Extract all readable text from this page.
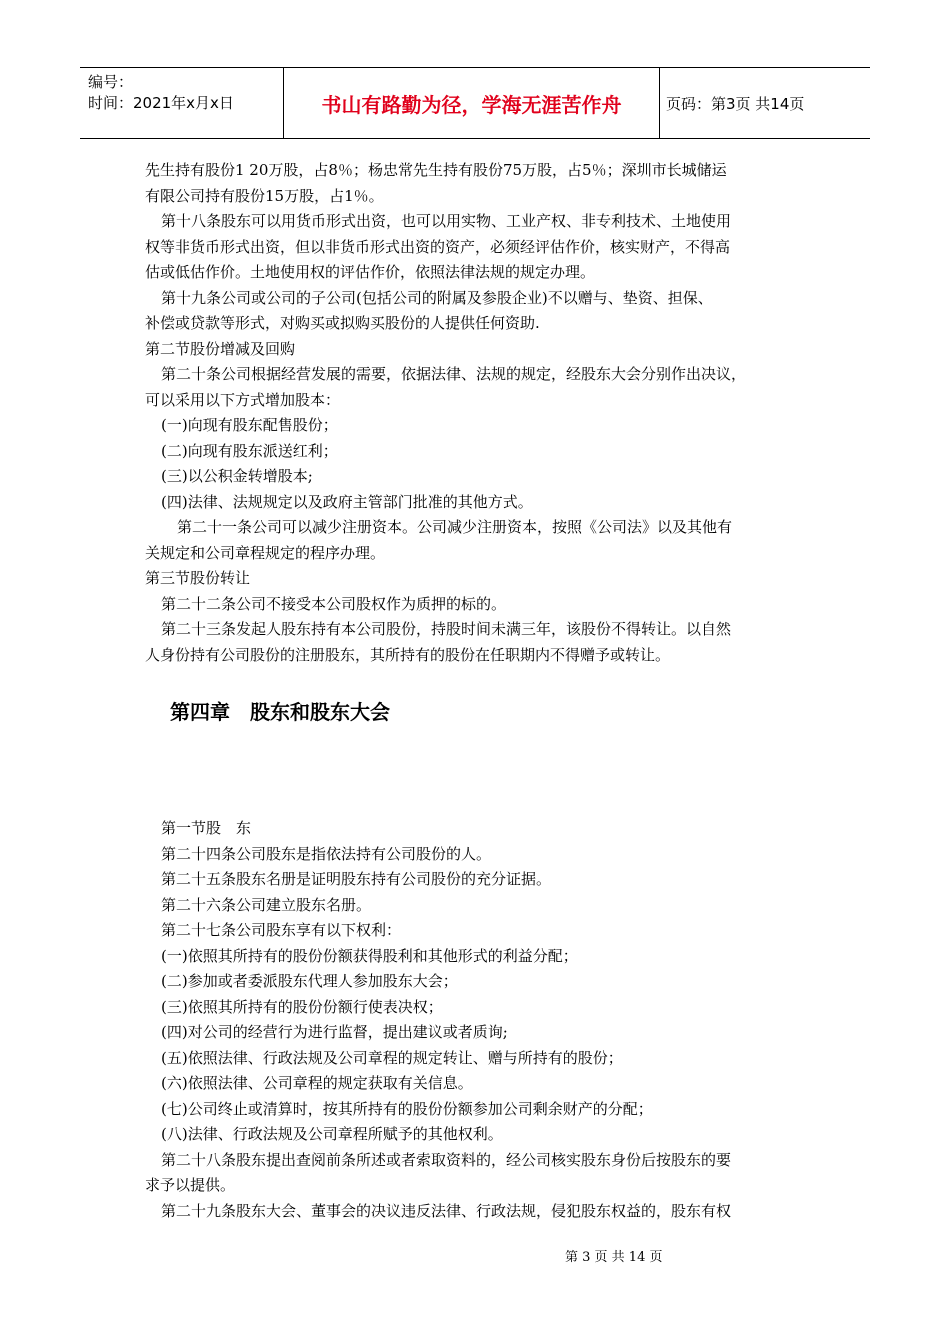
编号：
时间：2021年x月x日	书山有路勤为径，学海无涯苦作舟	页码：第3页 共14页
先生持有股份1 20万股，占8％；杨忠常先生持有股份75万股，占5％；深圳市长城储运
有限公司持有股份15万股，占1％。
第十八条股东可以用货币形式出资，也可以用实物、工业产权、非专利技术、土地使用
权等非货币形式出资，但以非货币形式出资的资产，必须经评估作价，核实财产，不得高
估或低估作价。土地使用权的评估作价，依照法律法规的规定办理。
第十九条公司或公司的子公司(包括公司的附属及参股企业)不以赠与、垫资、担保、
补偿或贷款等形式，对购买或拟购买股份的人提供任何资助.
第二节股份增减及回购
第二十条公司根据经营发展的需要，依据法律、法规的规定，经股东大会分别作出决议，
可以采用以下方式增加股本：
(一)向现有股东配售股份；
(二)向现有股东派送红利；
(三)以公积金转增股本;
(四)法律、法规规定以及政府主管部门批准的其他方式。
第二十一条公司可以减少注册资本。公司减少注册资本，按照《公司法》以及其他有
关规定和公司章程规定的程序办理。
第三节股份转让
第二十二条公司不接受本公司股权作为质押的标的。
第二十三条发起人股东持有本公司股份，持股时间未满三年，该股份不得转让。以自然
人身份持有公司股份的注册股东，其所持有的股份在任职期内不得赠予或转让。
第四章　股东和股东大会
第一节股　东
第二十四条公司股东是指依法持有公司股份的人。
第二十五条股东名册是证明股东持有公司股份的充分证据。
第二十六条公司建立股东名册。
第二十七条公司股东享有以下权利：
(一)依照其所持有的股份份额获得股利和其他形式的利益分配；
(二)参加或者委派股东代理人参加股东大会；
(三)依照其所持有的股份份额行使表决权；
(四)对公司的经营行为进行监督，提出建议或者质询;
(五)依照法律、行政法规及公司章程的规定转让、赠与所持有的股份；
(六)依照法律、公司章程的规定获取有关信息。
(七)公司终止或清算时，按其所持有的股份份额参加公司剩余财产的分配；
(八)法律、行政法规及公司章程所赋予的其他权利。
第二十八条股东提出查阅前条所述或者索取资料的，经公司核实股东身份后按股东的要
求予以提供。
第二十九条股东大会、董事会的决议违反法律、行政法规，侵犯股东权益的，股东有权
第 3 页 共 14 页
